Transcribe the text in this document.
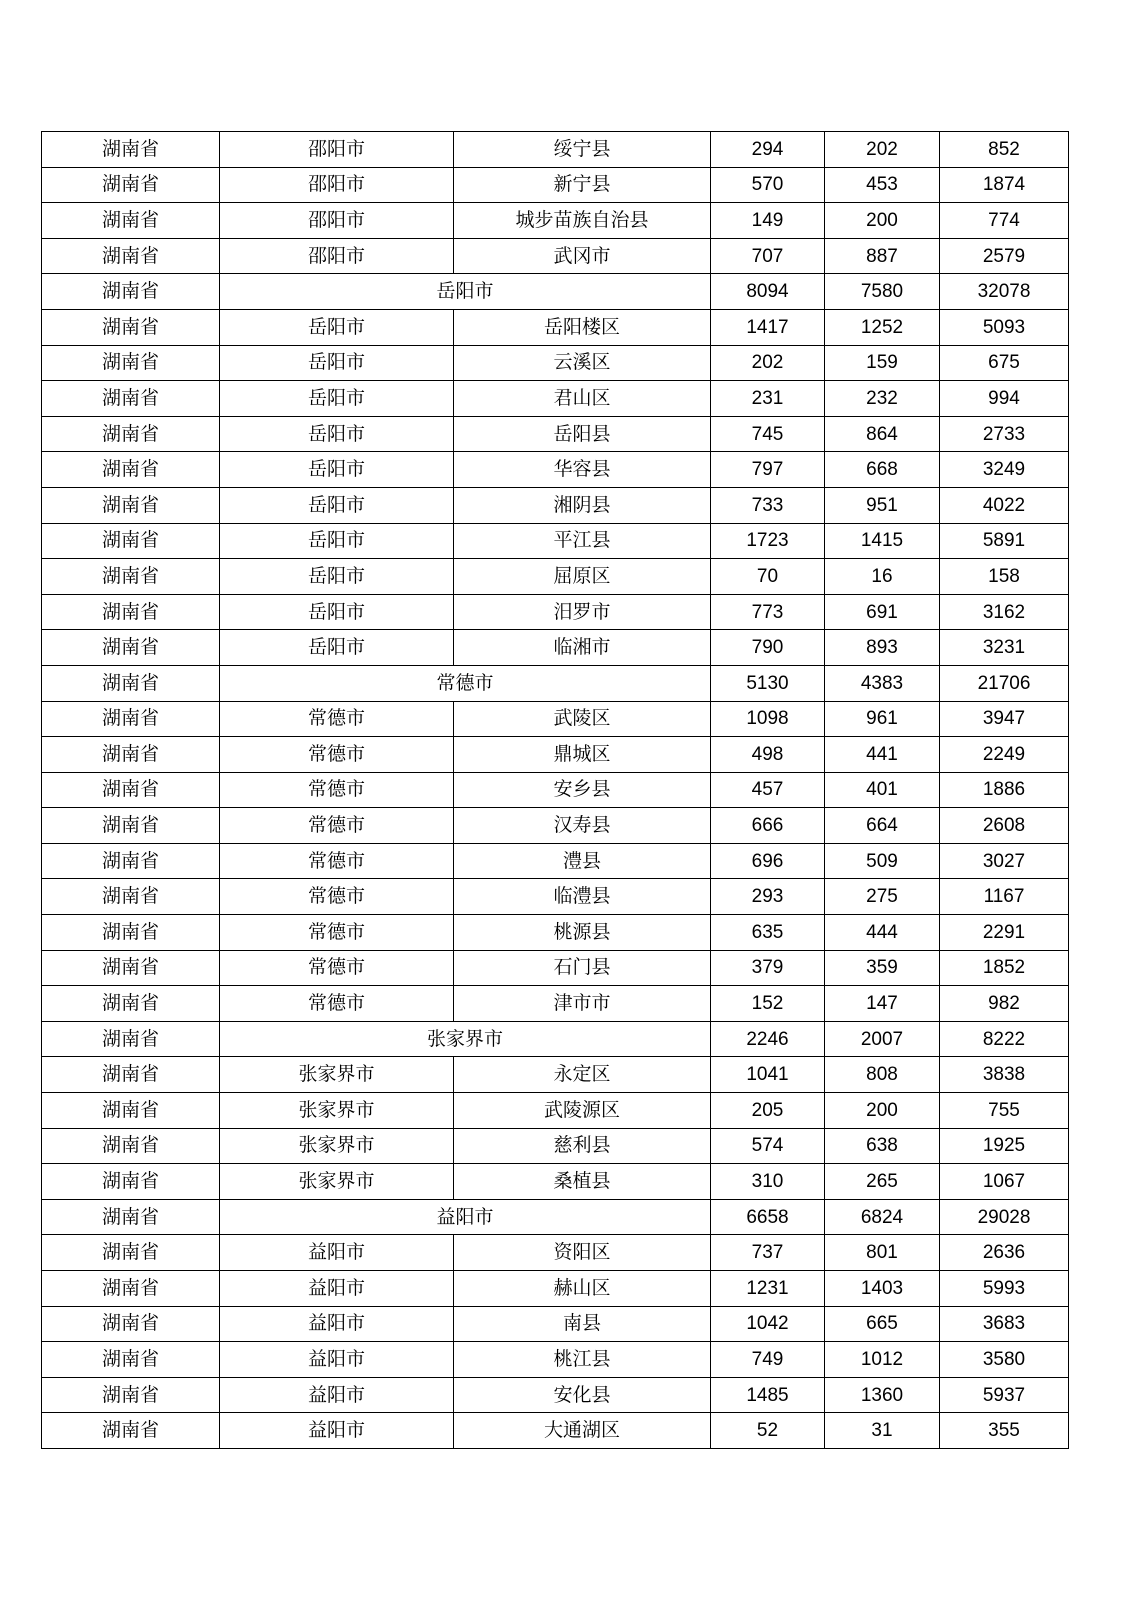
湖南省	邵阳市	绥宁县	294	202	852
湖南省	邵阳市	新宁县	570	453	1874
湖南省	邵阳市	城步苗族自治县	149	200	774
湖南省	邵阳市	武冈市	707	887	2579
湖南省	岳阳市		8094	7580	32078
湖南省	岳阳市	岳阳楼区	1417	1252	5093
湖南省	岳阳市	云溪区	202	159	675
湖南省	岳阳市	君山区	231	232	994
湖南省	岳阳市	岳阳县	745	864	2733
湖南省	岳阳市	华容县	797	668	3249
湖南省	岳阳市	湘阴县	733	951	4022
湖南省	岳阳市	平江县	1723	1415	5891
湖南省	岳阳市	屈原区	70	16	158
湖南省	岳阳市	汨罗市	773	691	3162
湖南省	岳阳市	临湘市	790	893	3231
湖南省	常德市		5130	4383	21706
湖南省	常德市	武陵区	1098	961	3947
湖南省	常德市	鼎城区	498	441	2249
湖南省	常德市	安乡县	457	401	1886
湖南省	常德市	汉寿县	666	664	2608
湖南省	常德市	澧县	696	509	3027
湖南省	常德市	临澧县	293	275	1167
湖南省	常德市	桃源县	635	444	2291
湖南省	常德市	石门县	379	359	1852
湖南省	常德市	津市市	152	147	982
湖南省	张家界市		2246	2007	8222
湖南省	张家界市	永定区	1041	808	3838
湖南省	张家界市	武陵源区	205	200	755
湖南省	张家界市	慈利县	574	638	1925
湖南省	张家界市	桑植县	310	265	1067
湖南省	益阳市		6658	6824	29028
湖南省	益阳市	资阳区	737	801	2636
湖南省	益阳市	赫山区	1231	1403	5993
湖南省	益阳市	南县	1042	665	3683
湖南省	益阳市	桃江县	749	1012	3580
湖南省	益阳市	安化县	1485	1360	5937
湖南省	益阳市	大通湖区	52	31	355
